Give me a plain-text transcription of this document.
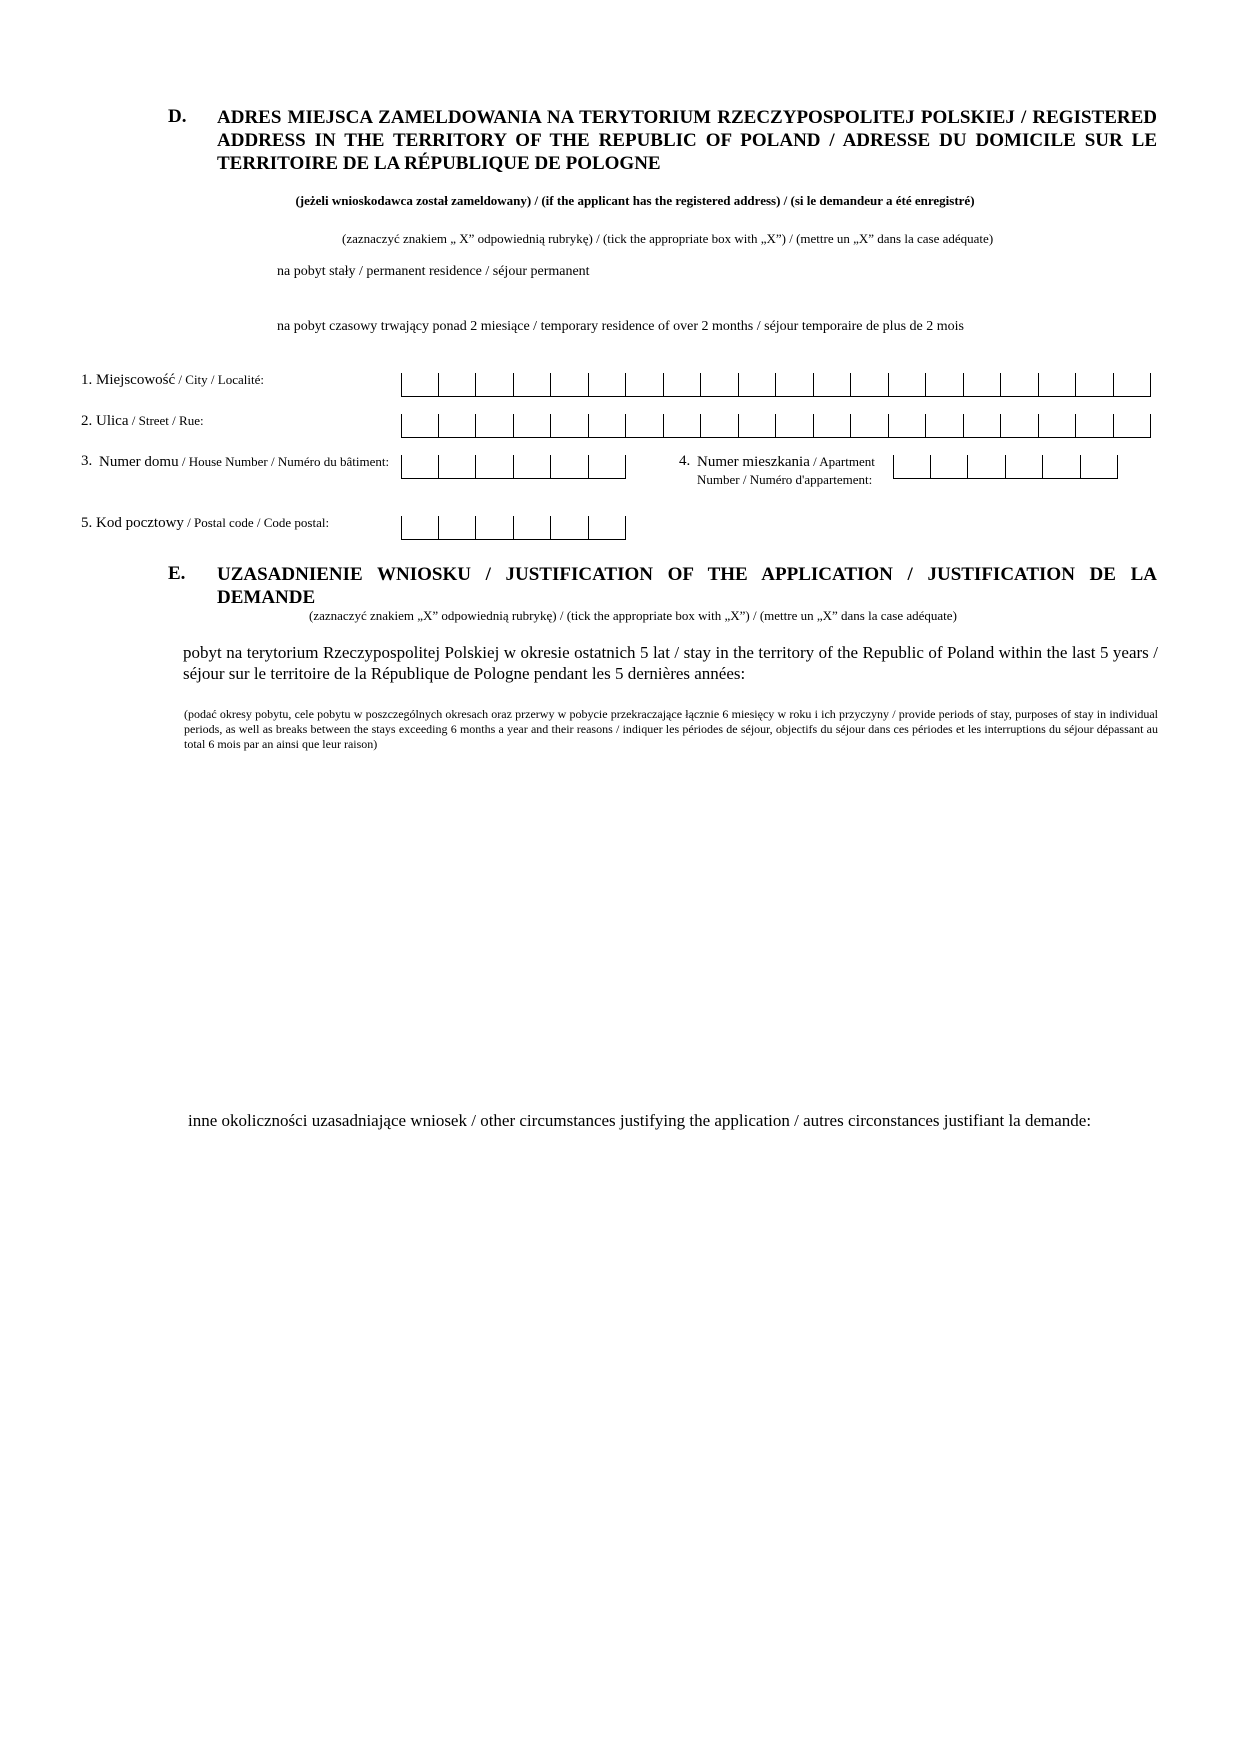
D. ADRES MIEJSCA ZAMELDOWANIA NA TERYTORIUM RZECZYPOSPOLITEJ POLSKIEJ / REGISTERED ADDRESS IN THE TERRITORY OF THE REPUBLIC OF POLAND / ADRESSE DU DOMICILE SUR LE TERRITOIRE DE LA RÉPUBLIQUE DE POLOGNE
(jeżeli wnioskodawca został zameldowany) / (if the applicant has the registered address) / (si le demandeur a été enregistré)
(zaznaczyć znakiem „ X” odpowiednią rubrykę) / (tick the appropriate box with „X”) / (mettre un „X” dans la case adéquate)
na pobyt stały / permanent residence / séjour permanent
na pobyt czasowy trwający ponad 2 miesiące / temporary residence of over 2 months / séjour temporaire de plus de 2 mois
1. Miejscowość / City / Localité:
2. Ulica / Street / Rue:
3. Numer domu / House Number / Numéro du bâtiment:	4. Numer mieszkania / Apartment Number / Numéro d'appartement:
5. Kod pocztowy / Postal code / Code postal:
E. UZASADNIENIE WNIOSKU / JUSTIFICATION OF THE APPLICATION / JUSTIFICATION DE LA DEMANDE
(zaznaczyć znakiem „X” odpowiednią rubrykę) / (tick the appropriate box with „X”) / (mettre un „X” dans la case adéquate)
pobyt na terytorium Rzeczypospolitej Polskiej w okresie ostatnich 5 lat / stay in the territory of the Republic of Poland within the last 5 years / séjour sur le territoire de la République de Pologne pendant les 5 dernières années:
(podać okresy pobytu, cele pobytu w poszczególnych okresach oraz przerwy w pobycie przekraczające łącznie 6 miesięcy w roku i ich przyczyny / provide periods of stay, purposes of stay in individual periods, as well as breaks between the stays exceeding 6 months a year and their reasons / indiquer les périodes de séjour, objectifs du séjour dans ces périodes et les interruptions du séjour dépassant au total 6 mois par an ainsi que leur raison)
inne okoliczności uzasadniające wniosek / other circumstances justifying the application / autres circonstances justifiant la demande:
